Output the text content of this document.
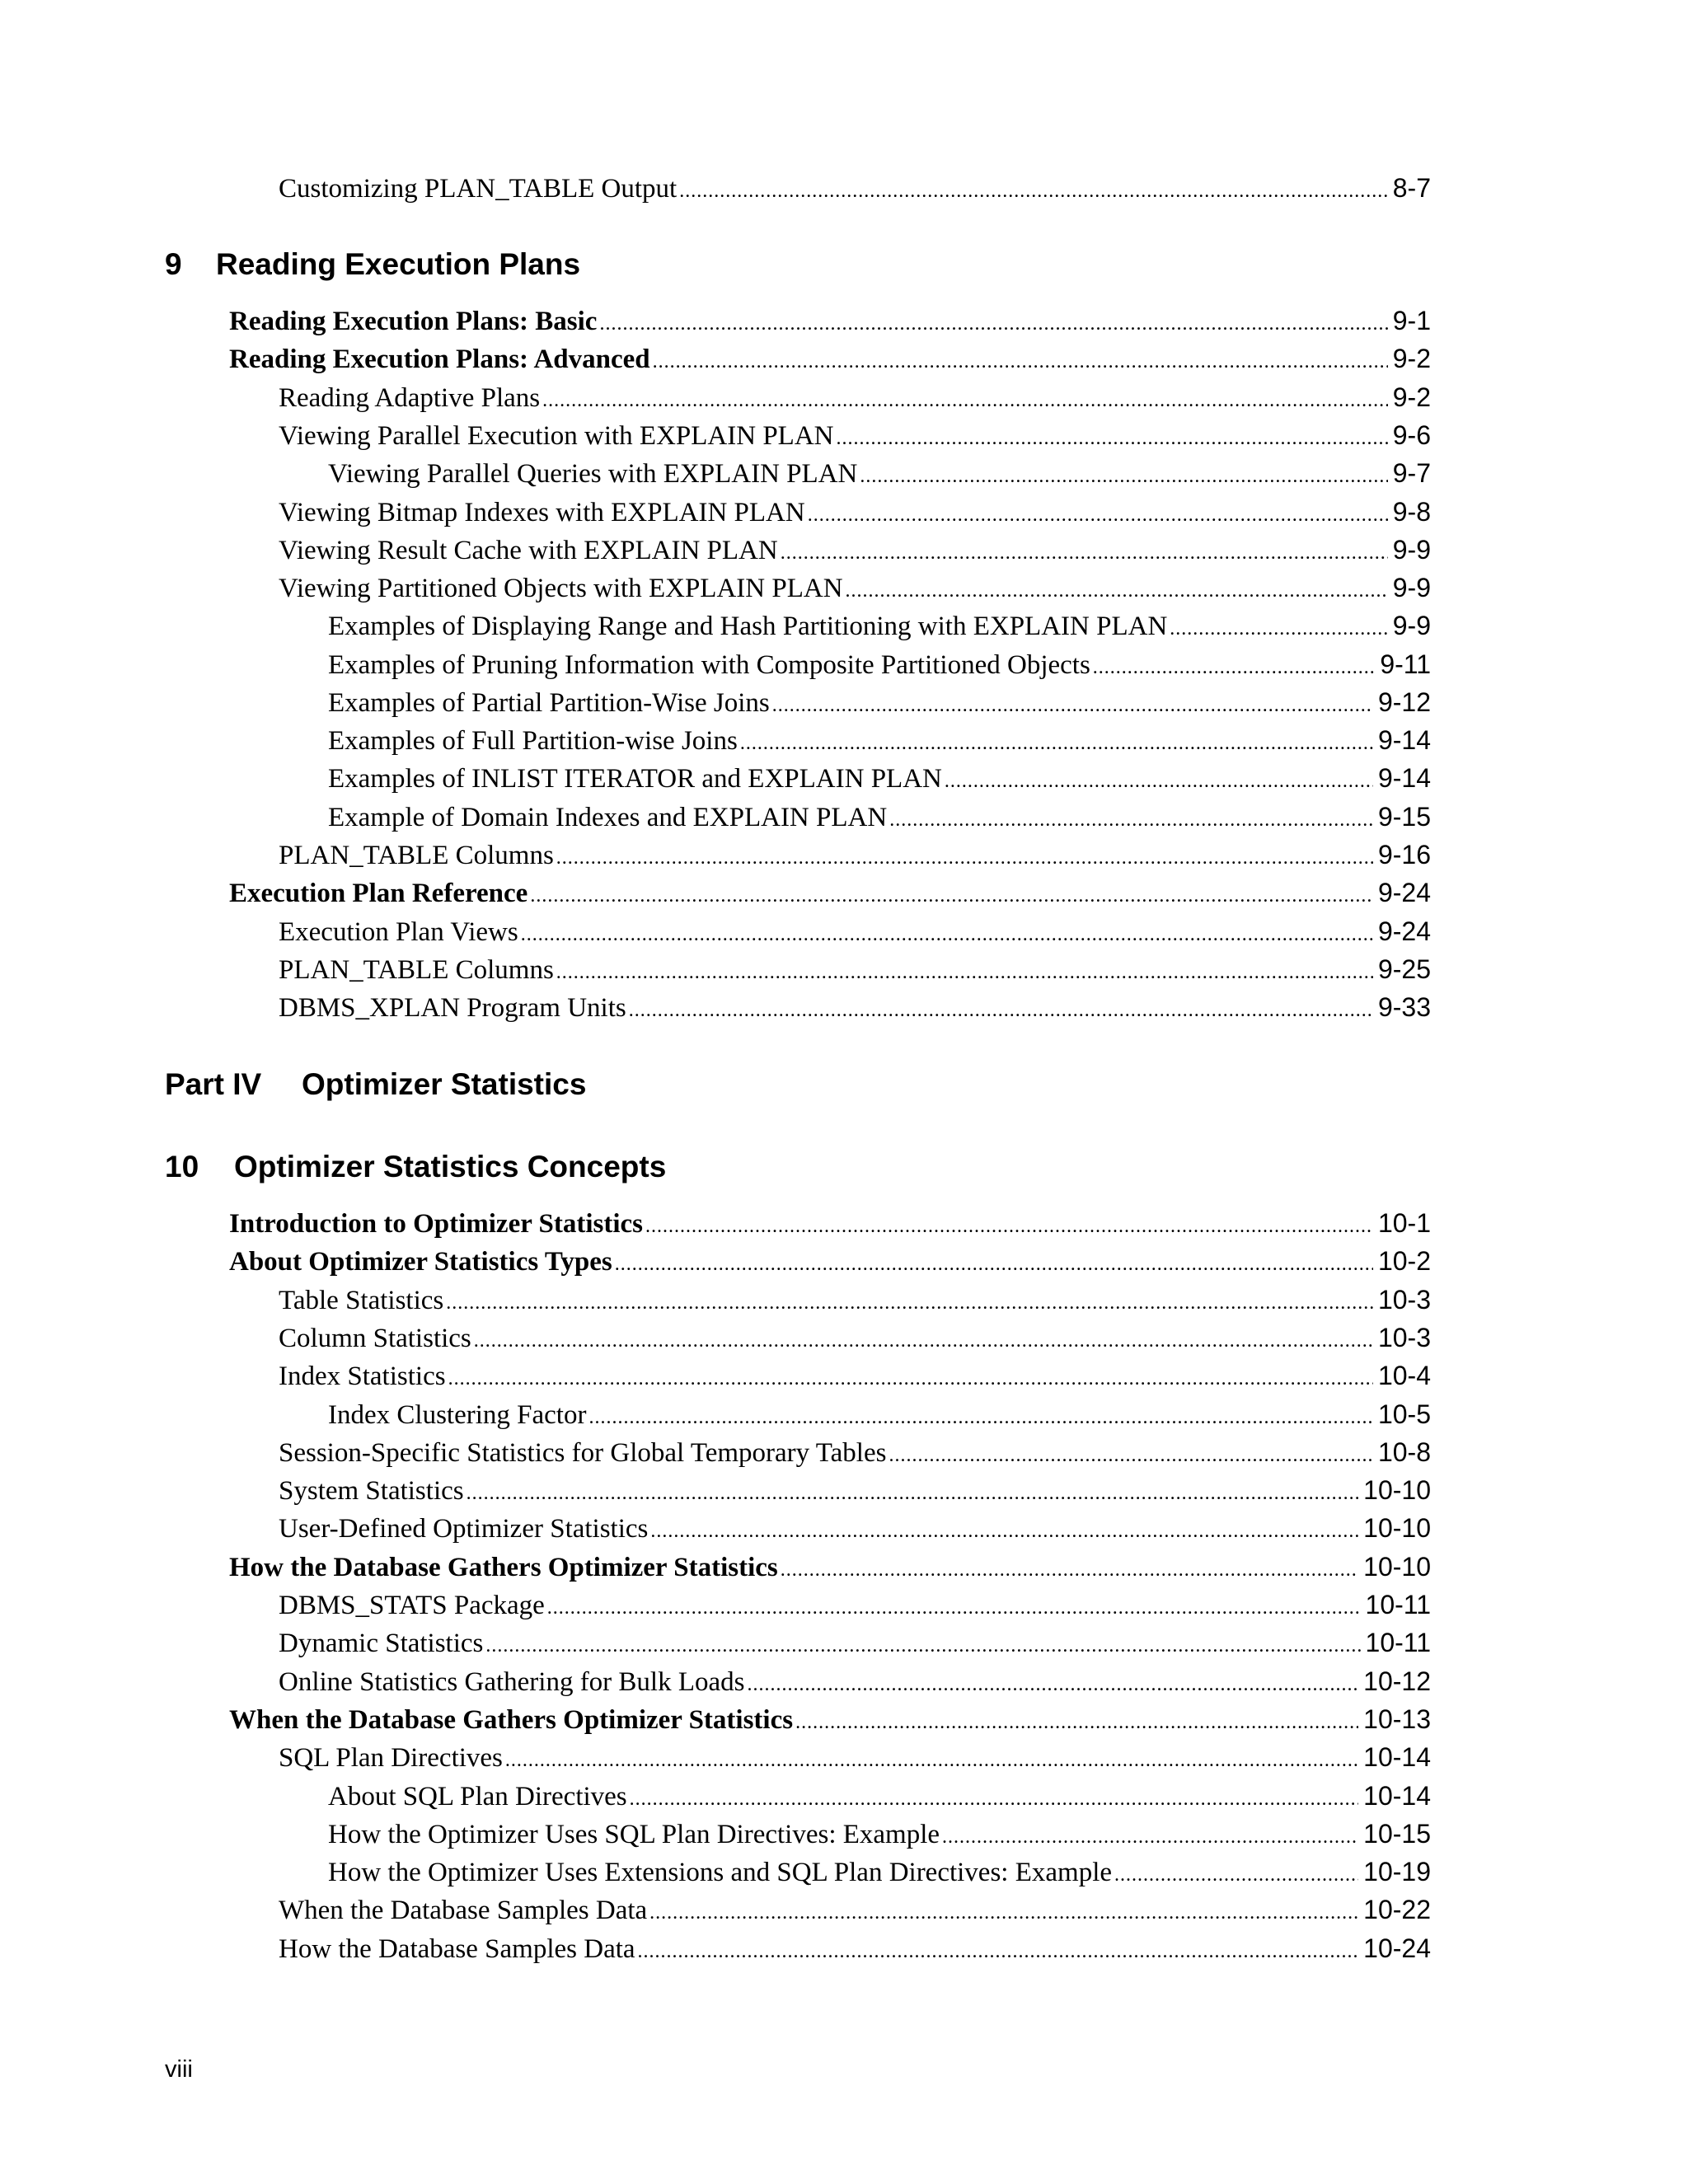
9 Reading Execution Plans
Part IV Optimizer Statistics
10 Optimizer Statistics Concepts
Customizing PLAN_TABLE Output .....	8-7
Reading Execution Plans: Basic .....	9-1
Reading Execution Plans: Advanced .....	9-2
Reading Adaptive Plans .....	9-2
Viewing Parallel Execution with EXPLAIN PLAN .....	9-6
Viewing Parallel Queries with EXPLAIN PLAN .....	9-7
Viewing Bitmap Indexes with EXPLAIN PLAN .....	9-8
Viewing Result Cache with EXPLAIN PLAN .....	9-9
Viewing Partitioned Objects with EXPLAIN PLAN .....	9-9
Examples of Displaying Range and Hash Partitioning with EXPLAIN PLAN .....	9-9
Examples of Pruning Information with Composite Partitioned Objects .....	9-11
Examples of Partial Partition-Wise Joins .....	9-12
Examples of Full Partition-wise Joins .....	9-14
Examples of INLIST ITERATOR and EXPLAIN PLAN .....	9-14
Example of Domain Indexes and EXPLAIN PLAN .....	9-15
PLAN_TABLE Columns .....	9-16
Execution Plan Reference .....	9-24
Execution Plan Views .....	9-24
PLAN_TABLE Columns .....	9-25
DBMS_XPLAN Program Units .....	9-33
Introduction to Optimizer Statistics .....	10-1
About Optimizer Statistics Types .....	10-2
Table Statistics .....	10-3
Column Statistics .....	10-3
Index Statistics .....	10-4
Index Clustering Factor .....	10-5
Session-Specific Statistics for Global Temporary Tables .....	10-8
System Statistics .....	10-10
User-Defined Optimizer Statistics .....	10-10
How the Database Gathers Optimizer Statistics .....	10-10
DBMS_STATS Package .....	10-11
Dynamic Statistics .....	10-11
Online Statistics Gathering for Bulk Loads .....	10-12
When the Database Gathers Optimizer Statistics .....	10-13
SQL Plan Directives .....	10-14
About SQL Plan Directives .....	10-14
How the Optimizer Uses SQL Plan Directives: Example .....	10-15
How the Optimizer Uses Extensions and SQL Plan Directives: Example .....	10-19
When the Database Samples Data .....	10-22
How the Database Samples Data .....	10-24
viii
